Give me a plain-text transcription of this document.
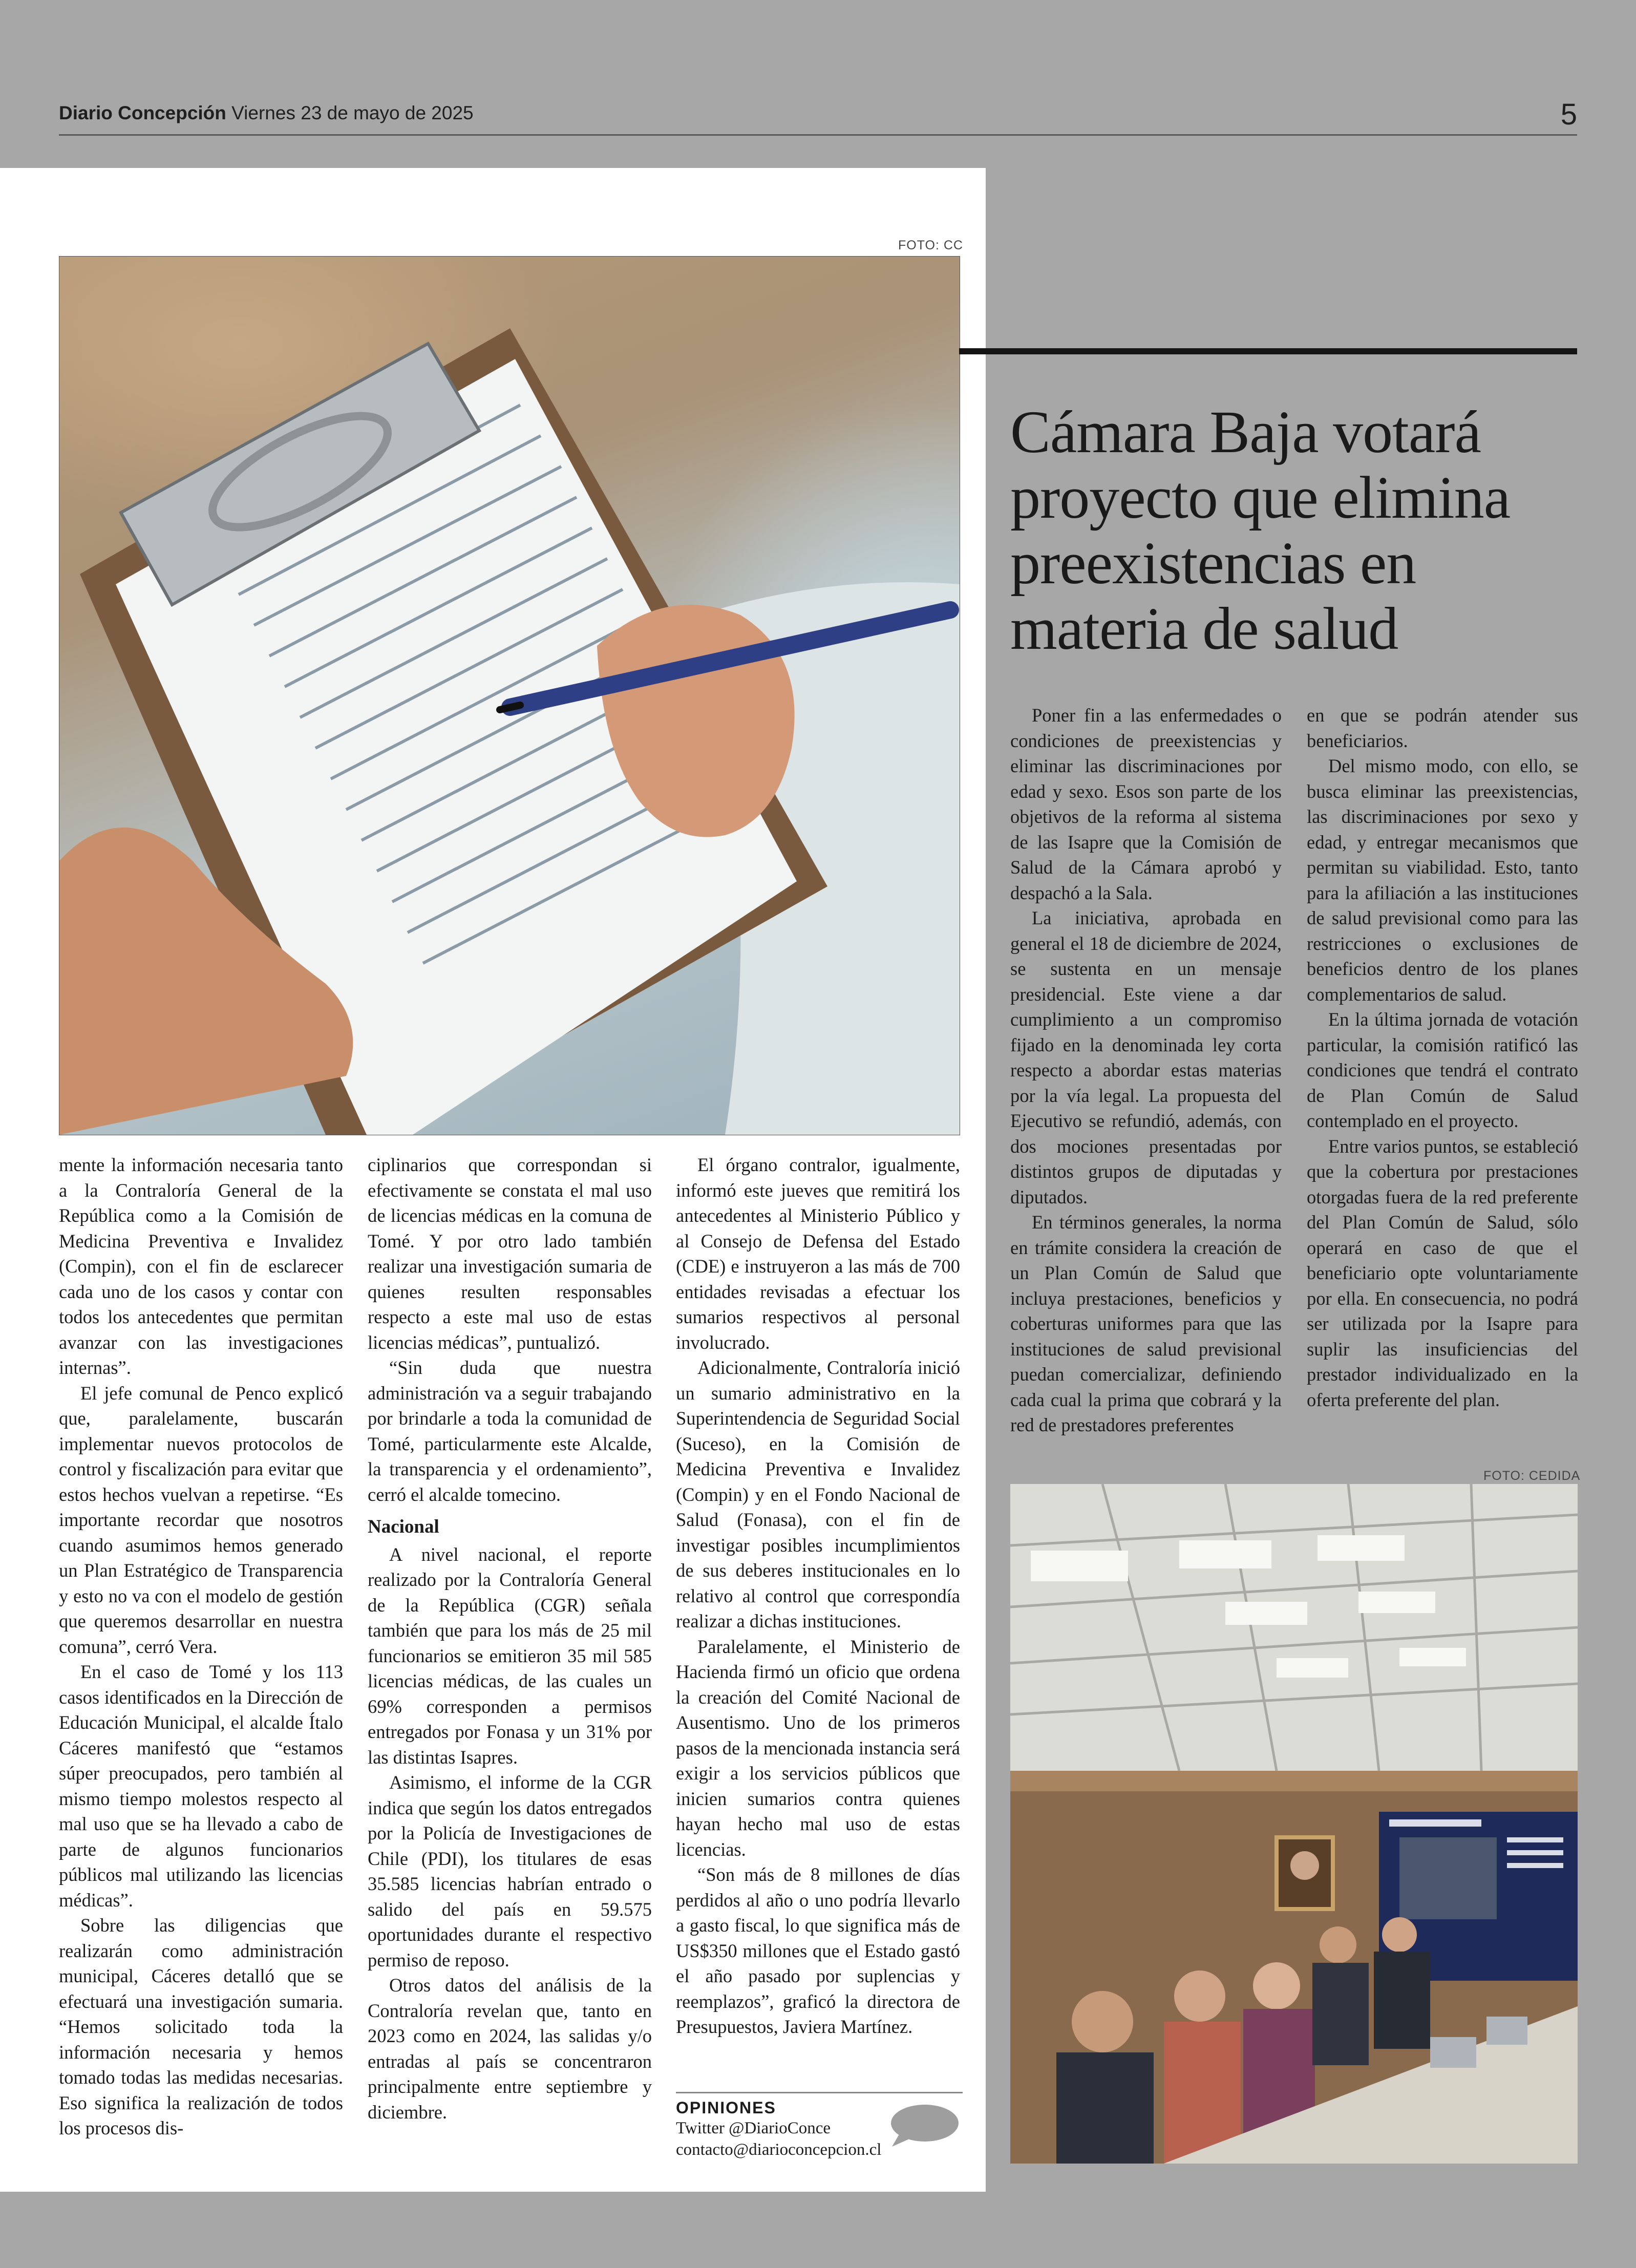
Diario Concepción Viernes 23 de mayo de 2025	5
FOTO: CC
Cámara Baja votará
proyecto que elimina
preexistencias en
materia de salud

Poner fin a las enfermedades o condiciones de preexistencias y eliminar las discriminaciones por edad y sexo. Esos son parte de los objetivos de la reforma al sistema de las Isapre que la Comisión de Salud de la Cámara aprobó y despachó a la Sala.

La iniciativa, aprobada en general el 18 de diciembre de 2024, se sustenta en un mensaje presidencial. Este viene a dar cumplimiento a un compromiso fijado en la denominada ley corta respecto a abordar estas materias por la vía legal. La propuesta del Ejecutivo se refundió, además, con dos mociones presentadas por distintos grupos de diputadas y diputados.

En términos generales, la norma en trámite considera la creación de un Plan Común de Salud que incluya prestaciones, beneficios y coberturas uniformes para que las instituciones de salud previsional puedan comercializar, definiendo cada cual la prima que cobrará y la red de prestadores preferentes

en que se podrán atender sus beneficiarios.

Del mismo modo, con ello, se busca eliminar las preexistencias, las discriminaciones por sexo y edad, y entregar mecanismos que permitan su viabilidad. Esto, tanto para la afiliación a las instituciones de salud previsional como para las restricciones o exclusiones de beneficios dentro de los planes complementarios de salud.

En la última jornada de votación particular, la comisión ratificó las condiciones que tendrá el contrato de Plan Común de Salud contemplado en el proyecto.

Entre varios puntos, se estableció que la cobertura por prestaciones otorgadas fuera de la red preferente del Plan Común de Salud, sólo operará en caso de que el beneficiario opte voluntariamente por ella. En consecuencia, no podrá ser utilizada por la Isapre para suplir las insuficiencias del prestador individualizado en la oferta preferente del plan.

mente la información necesaria tanto a la Contraloría General de la República como a la Comisión de Medicina Preventiva e Invalidez (Compin), con el fin de esclarecer cada uno de los casos y contar con todos los antecedentes que permitan avanzar con las investigaciones internas”.

El jefe comunal de Penco explicó que, paralelamente, buscarán implementar nuevos protocolos de control y fiscalización para evitar que estos hechos vuelvan a repetirse. “Es importante recordar que nosotros cuando asumimos hemos generado un Plan Estratégico de Transparencia y esto no va con el modelo de gestión que queremos desarrollar en nuestra comuna”, cerró Vera.

En el caso de Tomé y los 113 casos identificados en la Dirección de Educación Municipal, el alcalde Ítalo Cáceres manifestó que “estamos súper preocupados, pero también al mismo tiempo molestos respecto al mal uso que se ha llevado a cabo de parte de algunos funcionarios públicos mal utilizando las licencias médicas”.

Sobre las diligencias que realizarán como administración municipal, Cáceres detalló que se efectuará una investigación sumaria. “Hemos solicitado toda la información necesaria y hemos tomado todas las medidas necesarias. Eso significa la realización de todos los procesos dis-

ciplinarios que correspondan si efectivamente se constata el mal uso de licencias médicas en la comuna de Tomé. Y por otro lado también realizar una investigación sumaria de quienes resulten responsables respecto a este mal uso de estas licencias médicas”, puntualizó.

“Sin duda que nuestra administración va a seguir trabajando por brindarle a toda la comunidad de Tomé, particularmente este Alcalde, la transparencia y el ordenamiento”, cerró el alcalde tomecino.

Nacional

A nivel nacional, el reporte realizado por la Contraloría General de la República (CGR) señala también que para los más de 25 mil funcionarios se emitieron 35 mil 585 licencias médicas, de las cuales un 69% corresponden a permisos entregados por Fonasa y un 31% por las distintas Isapres.

Asimismo, el informe de la CGR indica que según los datos entregados por la Policía de Investigaciones de Chile (PDI), los titulares de esas 35.585 licencias habrían entrado o salido del país en 59.575 oportunidades durante el respectivo permiso de reposo.

Otros datos del análisis de la Contraloría revelan que, tanto en 2023 como en 2024, las salidas y/o entradas al país se concentraron principalmente entre septiembre y diciembre.

El órgano contralor, igualmente, informó este jueves que remitirá los antecedentes al Ministerio Público y al Consejo de Defensa del Estado (CDE) e instruyeron a las más de 700 entidades revisadas a efectuar los sumarios respectivos al personal involucrado.

Adicionalmente, Contraloría inició un sumario administrativo en la Superintendencia de Seguridad Social (Suceso), en la Comisión de Medicina Preventiva e Invalidez (Compin) y en el Fondo Nacional de Salud (Fonasa), con el fin de investigar posibles incumplimientos de sus deberes institucionales en lo relativo al control que correspondía realizar a dichas instituciones.

Paralelamente, el Ministerio de Hacienda firmó un oficio que ordena la creación del Comité Nacional de Ausentismo. Uno de los primeros pasos de la mencionada instancia será exigir a los servicios públicos que inicien sumarios contra quienes hayan hecho mal uso de estas licencias.

“Son más de 8 millones de días perdidos al año o uno podría llevarlo a gasto fiscal, lo que significa más de US$350 millones que el Estado gastó el año pasado por suplencias y reemplazos”, graficó la directora de Presupuestos, Javiera Martínez.

OPINIONES
Twitter @DiarioConce
contacto@diarioconcepcion.cl
FOTO: CEDIDA
